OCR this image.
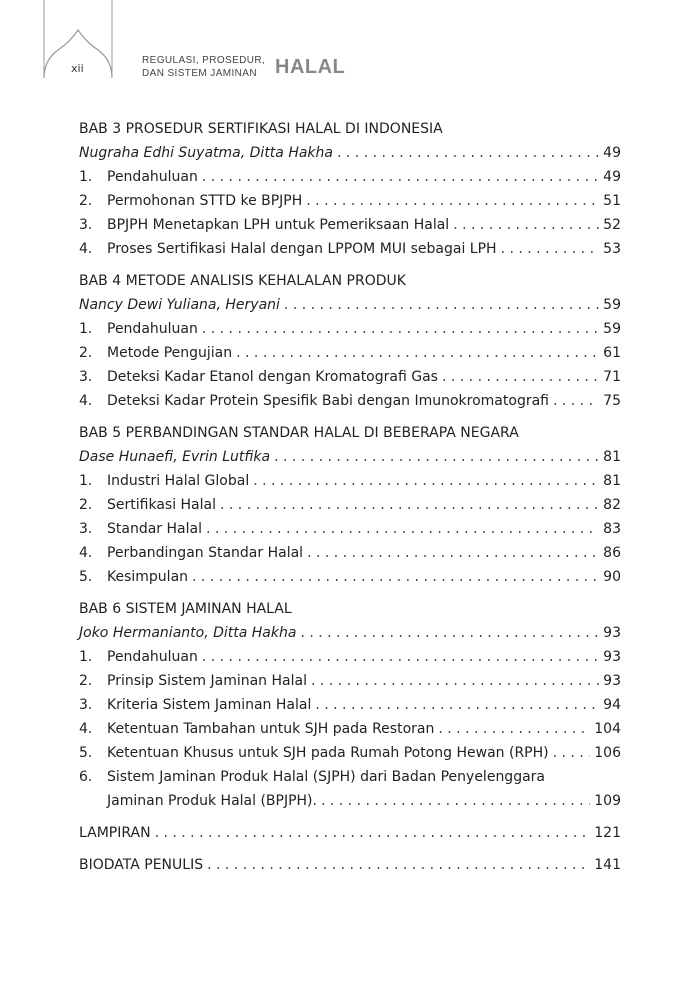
xii
REGULASI, PROSEDUR,
DAN SISTEM JAMINAN HALAL
BAB 3 PROSEDUR SERTIFIKASI HALAL DI INDONESIA
Nugraha Edhi Suyatma, Ditta Hakha . . .	49
1.	Pendahuluan . . .	49
2.	Permohonan STTD ke BPJPH . . .	51
3.	BPJPH Menetapkan LPH untuk Pemeriksaan Halal . . .	52
4.	Proses Sertifikasi Halal dengan LPPOM MUI sebagai LPH . . .	53
BAB 4 METODE ANALISIS KEHALALAN PRODUK
Nancy Dewi Yuliana, Heryani . . .	59
1.	Pendahuluan . . .	59
2.	Metode Pengujian . . .	61
3.	Deteksi Kadar Etanol dengan Kromatografi Gas . . .	71
4.	Deteksi Kadar Protein Spesifik Babi dengan Imunokromatografi . . .	75
BAB 5 PERBANDINGAN STANDAR HALAL DI BEBERAPA NEGARA
Dase Hunaefi, Evrin Lutfika . . .	81
1.	Industri Halal Global . . .	81
2.	Sertifikasi Halal . . .	82
3.	Standar Halal . . .	83
4.	Perbandingan Standar Halal . . .	86
5.	Kesimpulan . . .	90
BAB 6 SISTEM JAMINAN HALAL
Joko Hermanianto, Ditta Hakha . . .	93
1.	Pendahuluan . . .	93
2.	Prinsip Sistem Jaminan Halal . . .	93
3.	Kriteria Sistem Jaminan Halal . . .	94
4.	Ketentuan Tambahan untuk SJH pada Restoran . . .	104
5.	Ketentuan Khusus untuk SJH pada Rumah Potong Hewan (RPH) . . .	106
6.	Sistem Jaminan Produk Halal (SJPH) dari Badan Penyelenggara
Jaminan Produk Halal (BPJPH). . . .	109
LAMPIRAN . . .	121
BIODATA PENULIS . . .	141
